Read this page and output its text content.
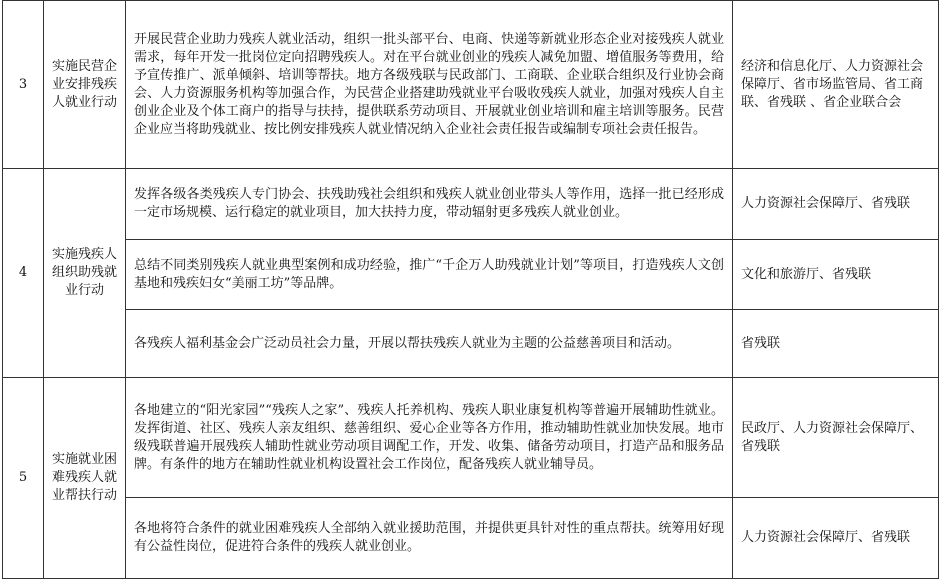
3	实施民营企业安排残疾人就业行动	开展民营企业助力残疾人就业活动，组织一批头部平台、电商、快递等新就业形态企业对接残疾人就业需求，每年开发一批岗位定向招聘残疾人。对在平台就业创业的残疾人减免加盟、增值服务等费用，给予宣传推广、派单倾斜、培训等帮扶。地方各级残联与民政部门、工商联、企业联合组织及行业协会商会、人力资源服务机构等加强合作，为民营企业搭建助残就业平台吸收残疾人就业，加强对残疾人自主创业企业及个体工商户的指导与扶持，提供联系劳动项目、开展就业创业培训和雇主培训等服务。民营企业应当将助残就业、按比例安排残疾人就业情况纳入企业社会责任报告或编制专项社会责任报告。	经济和信息化厅、人力资源社会保障厅、省市场监管局、省工商联、省残联 、省企业联合会
4	实施残疾人组织助残就业行动	发挥各级各类残疾人专门协会、扶残助残社会组织和残疾人就业创业带头人等作用，选择一批已经形成一定市场规模、运行稳定的就业项目，加大扶持力度，带动辐射更多残疾人就业创业。	人力资源社会保障厅、省残联
		总结不同类别残疾人就业典型案例和成功经验，推广“千企万人助残就业计划”等项目，打造残疾人文创基地和残疾妇女“美丽工坊”等品牌。	文化和旅游厅、省残联
		各残疾人福利基金会广泛动员社会力量，开展以帮扶残疾人就业为主题的公益慈善项目和活动。	省残联
5	实施就业困难残疾人就业帮扶行动	各地建立的“阳光家园”“残疾人之家”、残疾人托养机构、残疾人职业康复机构等普遍开展辅助性就业。发挥街道、社区、残疾人亲友组织、慈善组织、爱心企业等各方作用，推动辅助性就业加快发展。地市级残联普遍开展残疾人辅助性就业劳动项目调配工作，开发、收集、储备劳动项目，打造产品和服务品牌。有条件的地方在辅助性就业机构设置社会工作岗位，配备残疾人就业辅导员。	民政厅、人力资源社会保障厅、省残联
		各地将符合条件的就业困难残疾人全部纳入就业援助范围，并提供更具针对性的重点帮扶。统筹用好现有公益性岗位，促进符合条件的残疾人就业创业。	人力资源社会保障厅、省残联
